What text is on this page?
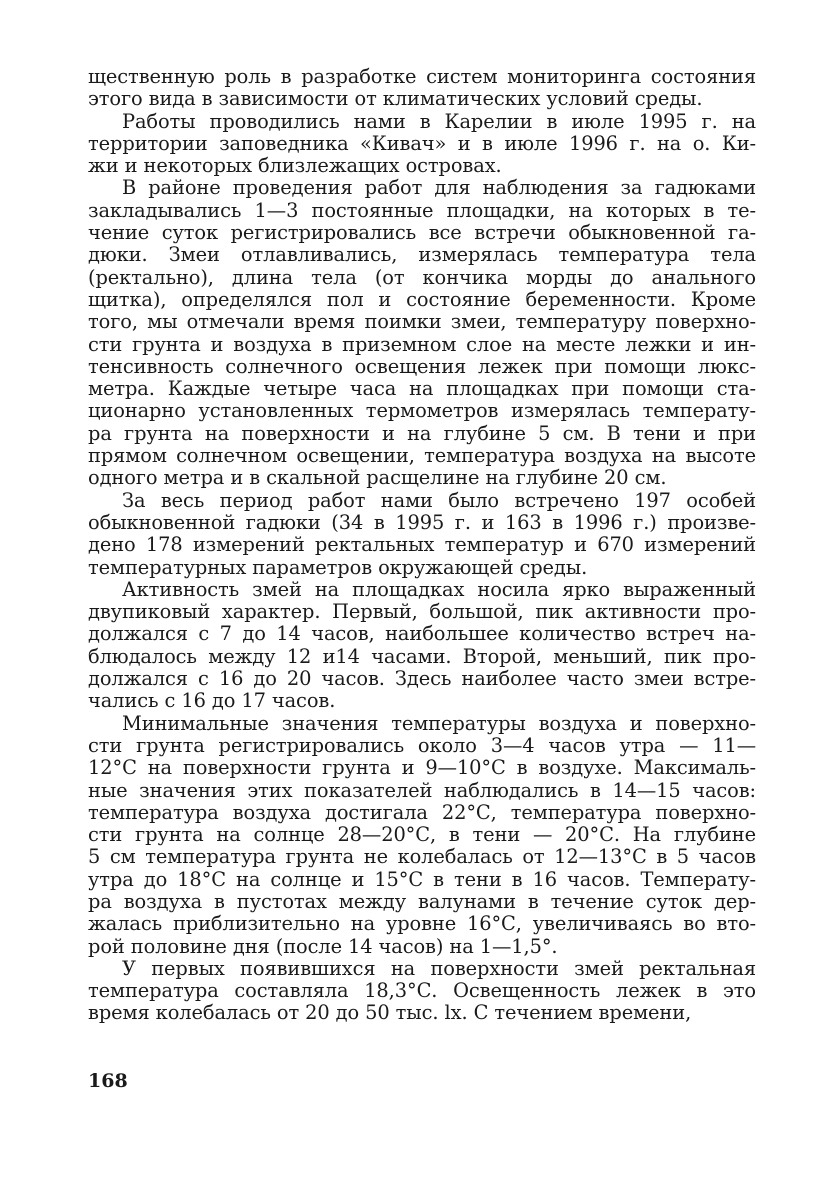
щественную роль в разработке систем мониторинга состояния
этого вида в зависимости от климатических условий среды.
Работы проводились нами в Карелии в июле 1995 г. на
территории заповедника «Кивач» и в июле 1996 г. на о. Ки-
жи и некоторых близлежащих островах.
В районе проведения работ для наблюдения за гадюками
закладывались 1—3 постоянные площадки, на которых в те-
чение суток регистрировались все встречи обыкновенной га-
дюки. Змеи отлавливались, измерялась температура тела
(ректально), длина тела (от кончика морды до анального
щитка), определялся пол и состояние беременности. Кроме
того, мы отмечали время поимки змеи, температуру поверхно-
сти грунта и воздуха в приземном слое на месте лежки и ин-
тенсивность солнечного освещения лежек при помощи люкс-
метра. Каждые четыре часа на площадках при помощи ста-
ционарно установленных термометров измерялась температу-
ра грунта на поверхности и на глубине 5 см. В тени и при
прямом солнечном освещении, температура воздуха на высоте
одного метра и в скальной расщелине на глубине 20 см.
За весь период работ нами было встречено 197 особей
обыкновенной гадюки (34 в 1995 г. и 163 в 1996 г.) произве-
дено 178 измерений ректальных температур и 670 измерений
температурных параметров окружающей среды.
Активность змей на площадках носила ярко выраженный
двупиковый характер. Первый, большой, пик активности про-
должался с 7 до 14 часов, наибольшее количество встреч на-
блюдалось между 12 и14 часами. Второй, меньший, пик про-
должался с 16 до 20 часов. Здесь наиболее часто змеи встре-
чались с 16 до 17 часов.
Минимальные значения температуры воздуха и поверхно-
сти грунта регистрировались около 3—4 часов утра — 11—
12°С на поверхности грунта и 9—10°С в воздухе. Максималь-
ные значения этих показателей наблюдались в 14—15 часов:
температура воздуха достигала 22°С, температура поверхно-
сти грунта на солнце 28—20°С, в тени — 20°С. На глубине
5 см температура грунта не колебалась от 12—13°С в 5 часов
утра до 18°С на солнце и 15°С в тени в 16 часов. Температу-
ра воздуха в пустотах между валунами в течение суток дер-
жалась приблизительно на уровне 16°С, увеличиваясь во вто-
рой половине дня (после 14 часов) на 1—1,5°.
У первых появившихся на поверхности змей ректальная
температура составляла 18,3°С. Освещенность лежек в это
время колебалась от 20 до 50 тыс. lx. С течением времени,
168
